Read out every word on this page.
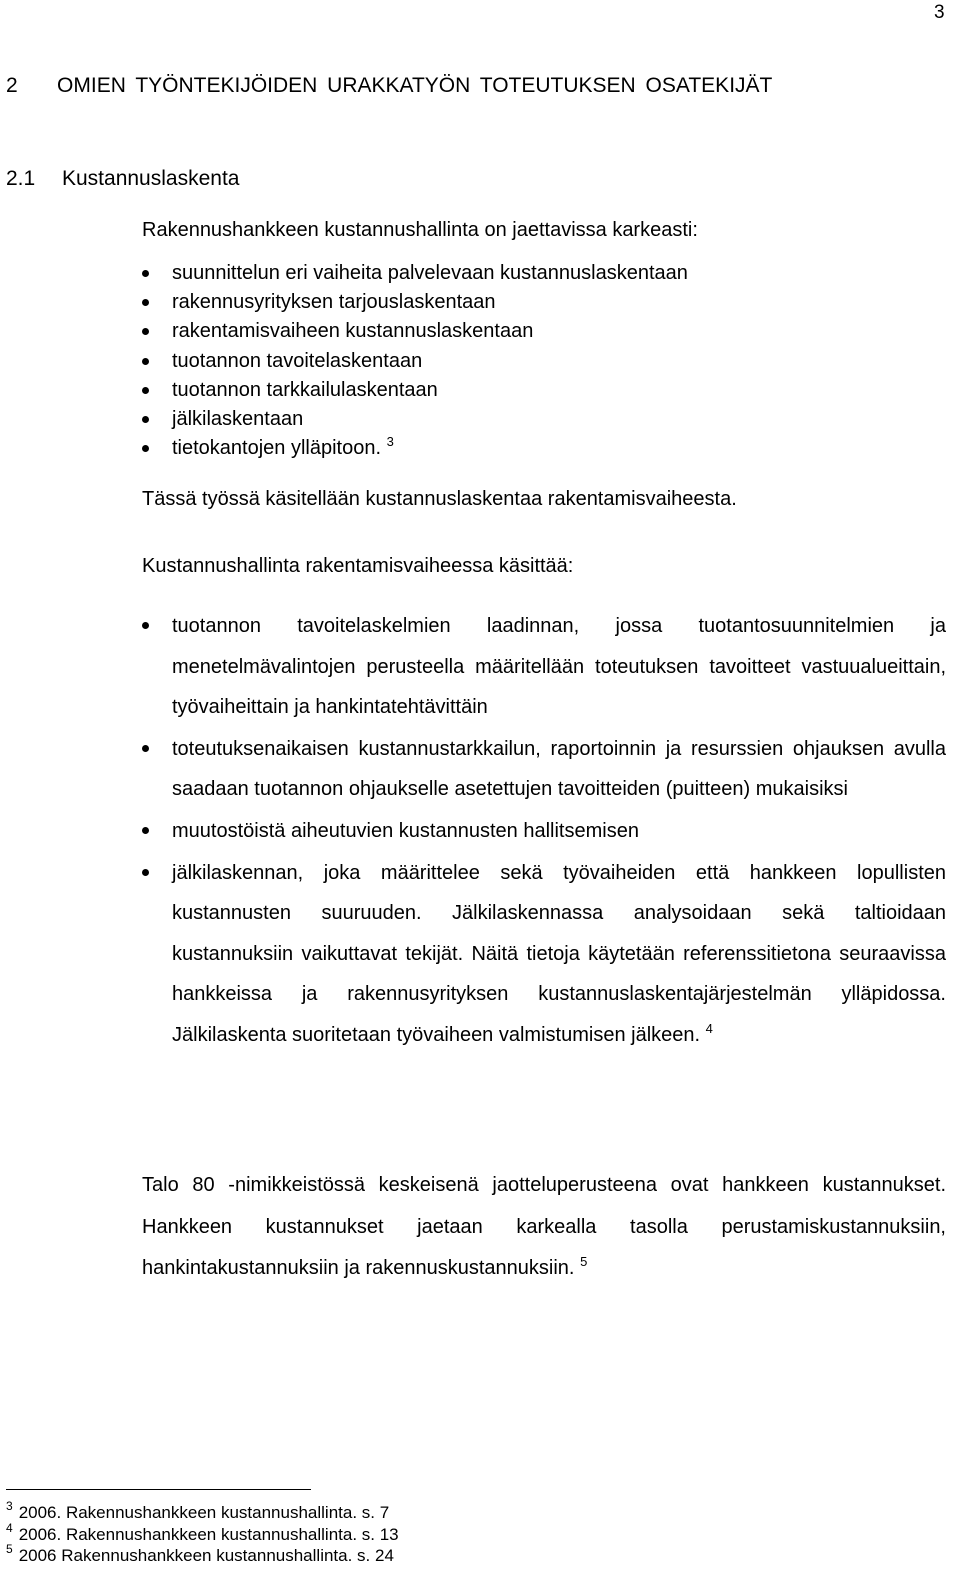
3
2 OMIEN TYÖNTEKIJÖIDEN URAKKATYÖN TOTEUTUKSEN OSATEKIJÄT
2.1 Kustannuslaskenta
Rakennushankkeen kustannushallinta on jaettavissa karkeasti:
suunnittelun eri vaiheita palvelevaan kustannuslaskentaan
rakennusyrityksen tarjouslaskentaan
rakentamisvaiheen kustannuslaskentaan
tuotannon tavoitelaskentaan
tuotannon tarkkailulaskentaan
jälkilaskentaan
tietokantojen ylläpitoon. $^3$
Tässä työssä käsitellään kustannuslaskentaa rakentamisvaiheesta.
Kustannushallinta rakentamisvaiheessa käsittää:
tuotannon tavoitelaskelmien laadinnan, jossa tuotantosuunnitelmien ja menetelmävalintojen perusteella määritellään toteutuksen tavoitteet vastuualueittain, työvaiheittain ja hankintatehtävittäin
toteutuksenaikaisen kustannustarkkailun, raportoinnin ja resurssien ohjauksen avulla saadaan tuotannon ohjaukselle asetettujen tavoitteiden (puitteen) mukaisiksi
muutostöistä aiheutuvien kustannusten hallitsemisen
jälkilaskennan, joka määrittelee sekä työvaiheiden että hankkeen lopullisten kustannusten suuruuden. Jälkilaskennassa analysoidaan sekä taltioidaan kustannuksiin vaikuttavat tekijät. Näitä tietoja käytetään referenssitietona seuraavissa hankkeissa ja rakennusyrityksen kustannuslaskentajärjestelmän ylläpidossa. Jälkilaskenta suoritetaan työvaiheen valmistumisen jälkeen. $^4$
Talo 80 -nimikkeistössä keskeisenä jaotteluperusteena ovat hankkeen kustannukset. Hankkeen kustannukset jaetaan karkealla tasolla perustamiskustannuksiin, hankintakustannuksiin ja rakennuskustannuksiin. $^5$
$^3$ 2006. Rakennushankkeen kustannushallinta. s. 7
$^4$ 2006. Rakennushankkeen kustannushallinta. s. 13
$^5$ 2006 Rakennushankkeen kustannushallinta. s. 24
